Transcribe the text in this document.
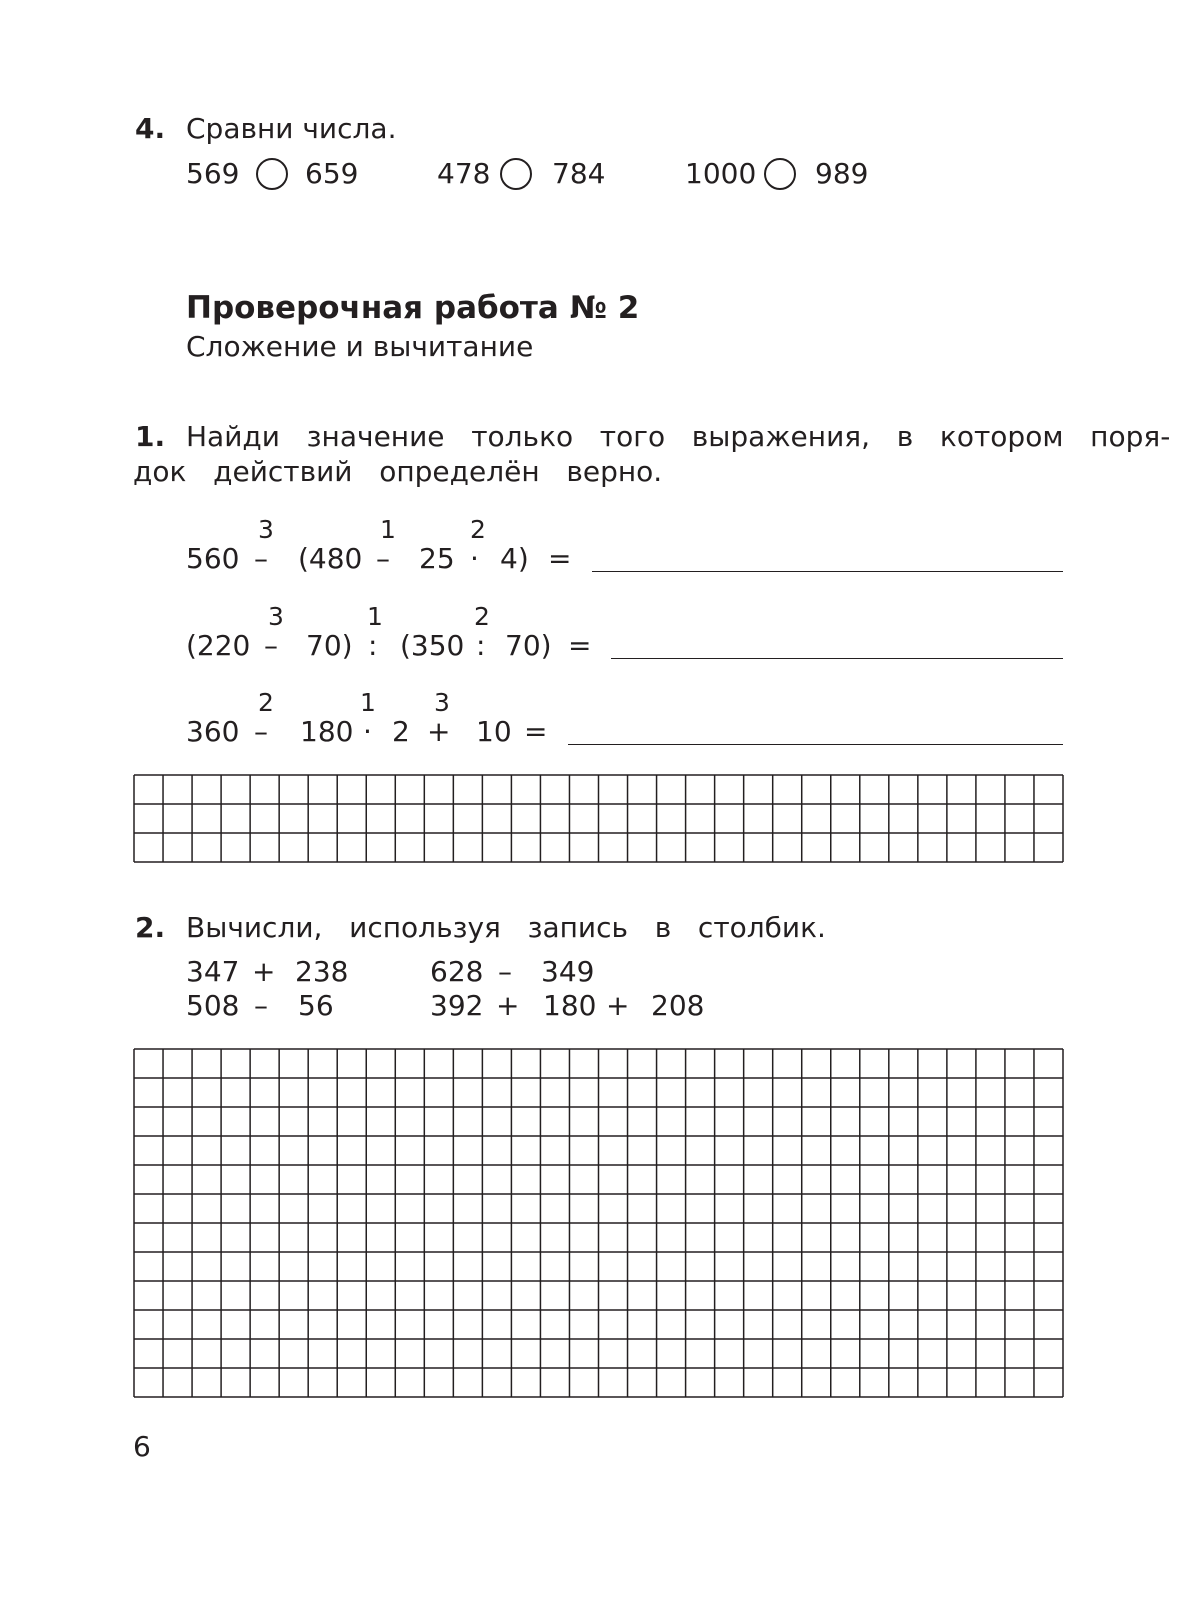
4. Сравни числа.
569 659	478 784	1000 989
Проверочная работа № 2
Сложение и вычитание
1. Найди   значение   только   того   выражения,   в   котором   поря-
док   действий   определён   верно.
3	1	2
560 – (480 – 25 · 4) =
3	1	2
(220 – 70) : (350 : 70) =
2	1 3
360 – 180 · 2 + 10 =
2. Вычисли,   используя   запись   в   столбик.
347 + 238	628 – 349
508 – 56	392 + 180 + 208
6
